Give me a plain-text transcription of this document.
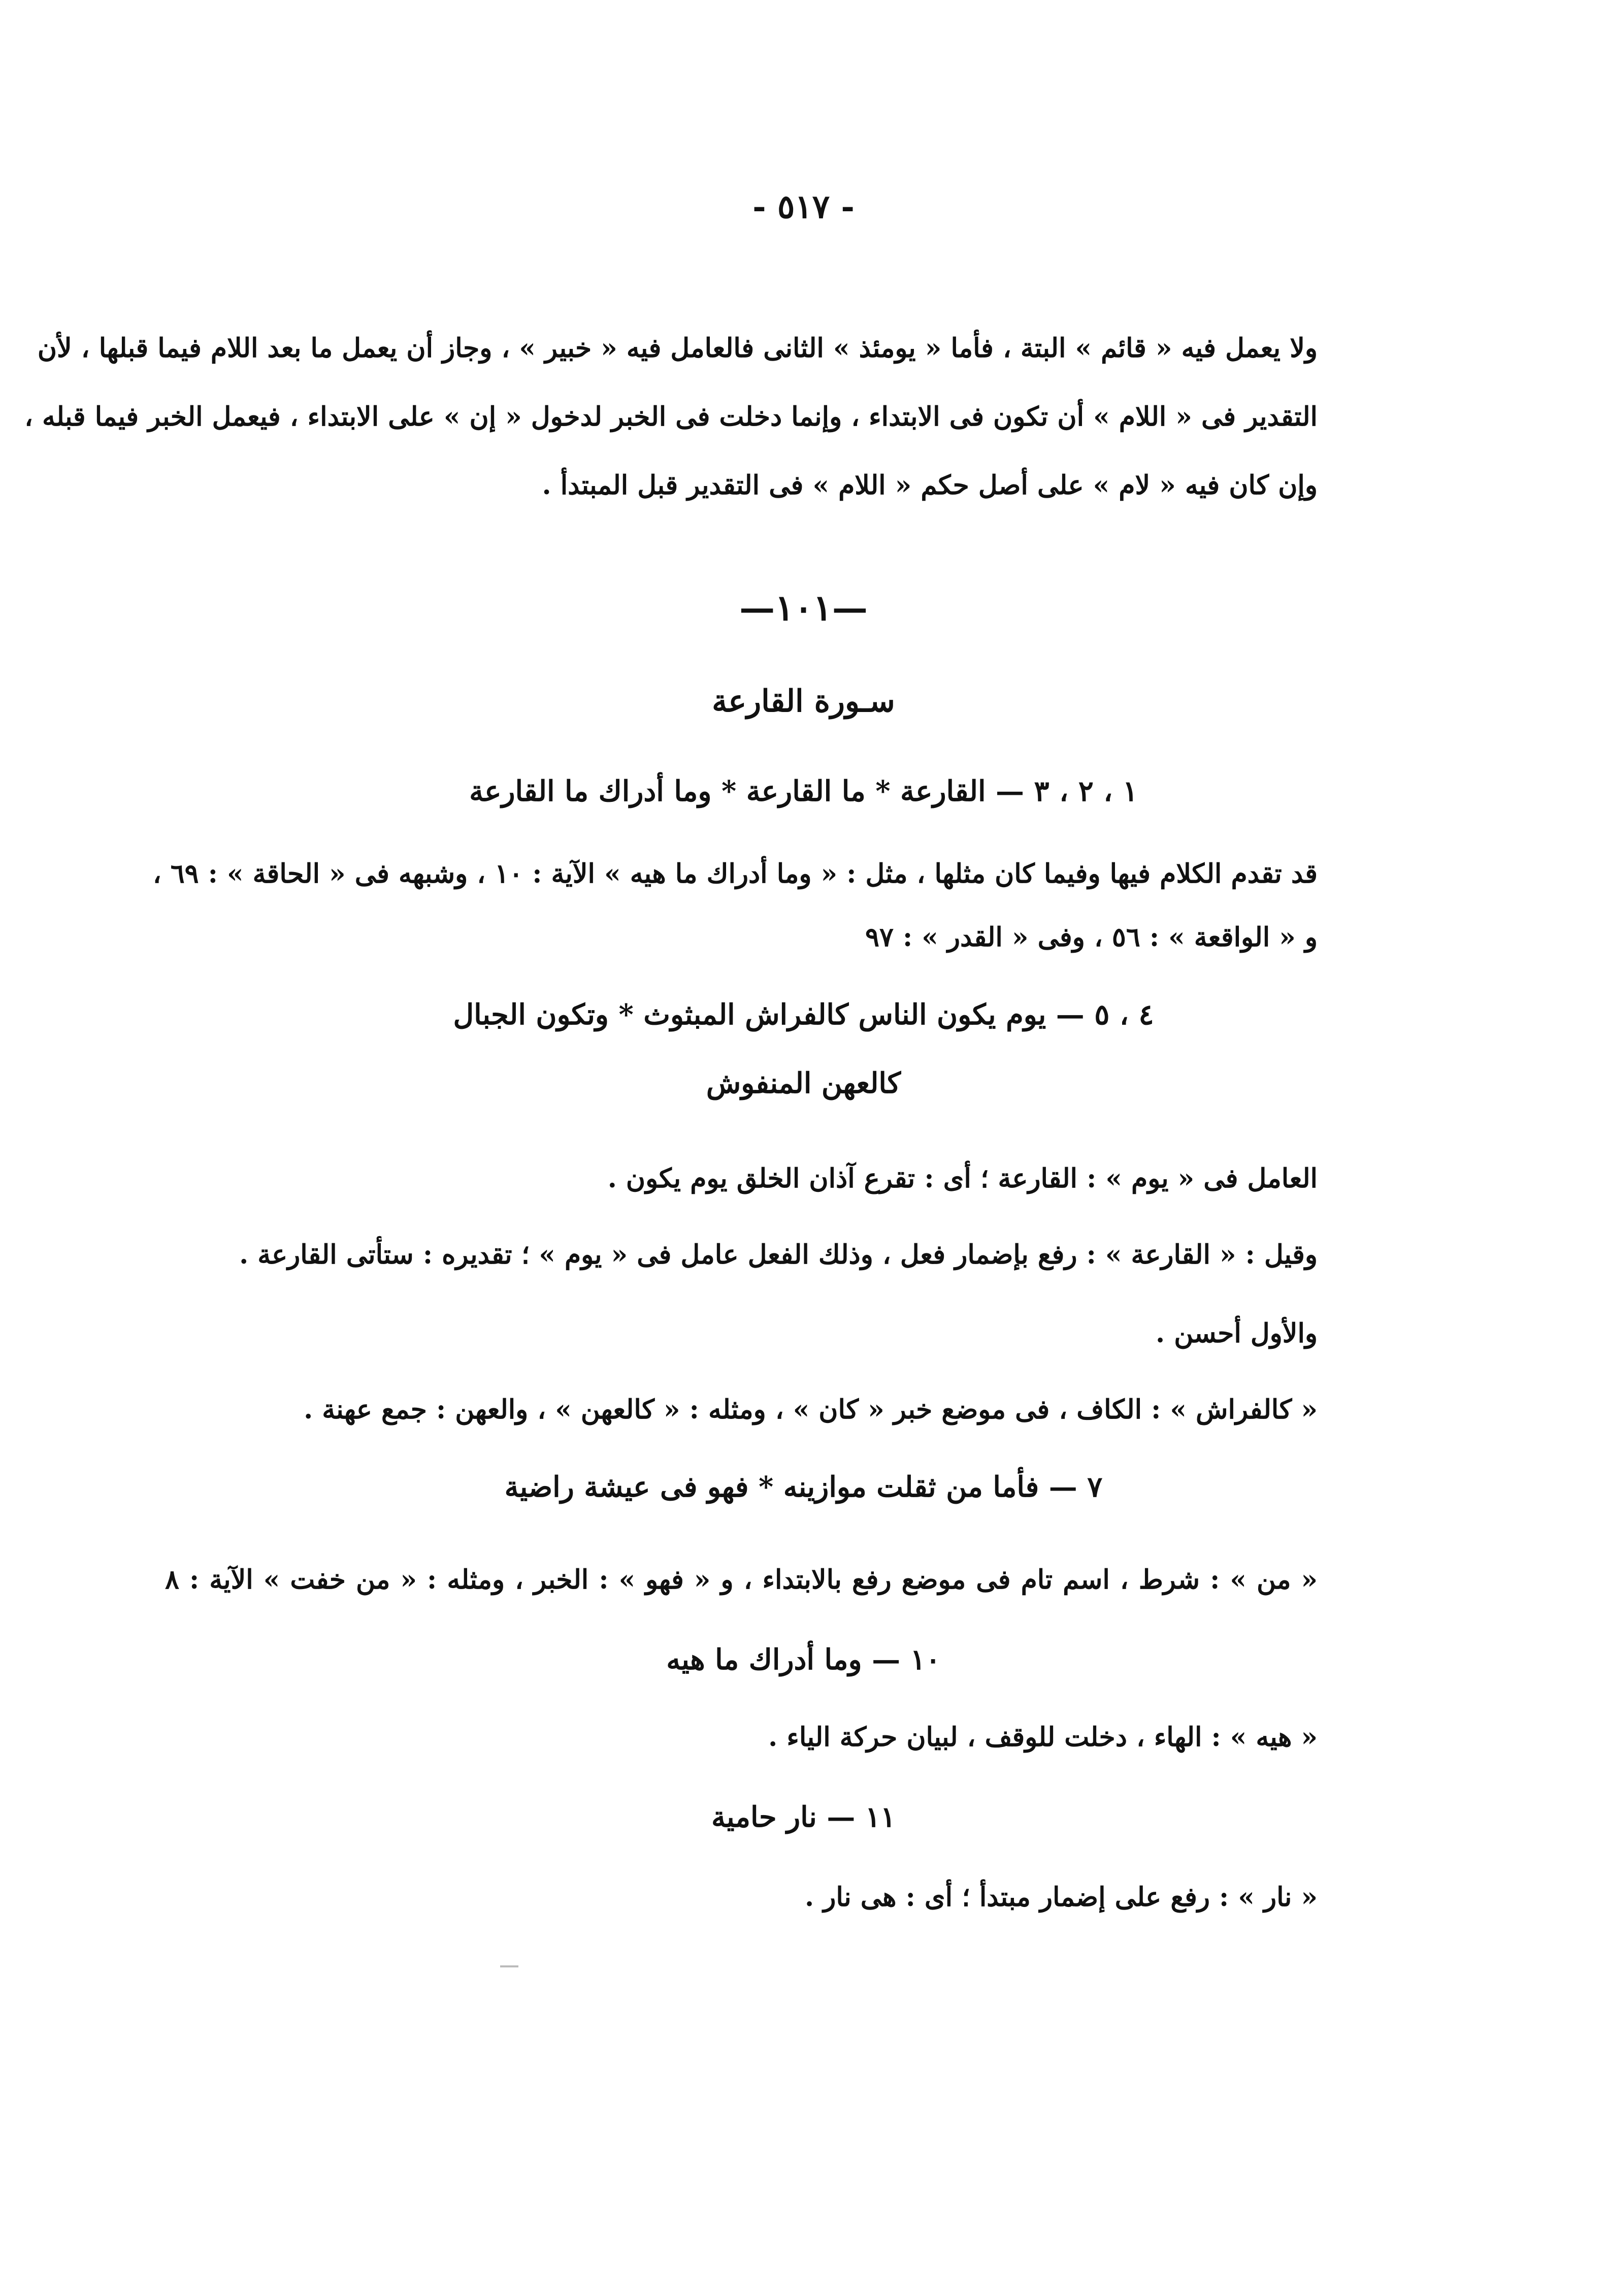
- ٥١٧ -
ولا يعمل فيه « قائم » البتة ، فأما « يومئذ » الثانى فالعامل فيه « خبير » ، وجاز أن يعمل ما بعد اللام فيما قبلها ، لأن
التقدير فى « اللام » أن تكون فى الابتداء ، وإنما دخلت فى الخبر لدخول « إن » على الابتداء ، فيعمل الخبر فيما قبله ،
وإن كان فيه « لام » على أصل حكم « اللام » فى التقدير قبل المبتدأ .
—١٠١—
سـورة القارعة
١ ، ٢ ، ٣ — القارعة * ما القارعة * وما أدراك ما القارعة
قد تقدم الكلام فيها وفيما كان مثلها ، مثل : « وما أدراك ما هيه » الآية : ١٠ ، وشبهه فى « الحاقة » : ٦٩ ،
و « الواقعة » : ٥٦ ، وفى « القدر » : ٩٧
٤ ، ٥ — يوم يكون الناس كالفراش المبثوث * وتكون الجبال
كالعهن المنفوش
العامل فى « يوم » : القارعة ؛ أى : تقرع آذان الخلق يوم يكون .
وقيل : « القارعة » : رفع بإضمار فعل ، وذلك الفعل عامل فى « يوم » ؛ تقديره : ستأتى القارعة .
والأول أحسن .
« كالفراش » : الكاف ، فى موضع خبر « كان » ، ومثله : « كالعهن » ، والعهن : جمع عهنة .
٧ — فأما من ثقلت موازينه * فهو فى عيشة راضية
« من » : شرط ، اسم تام فى موضع رفع بالابتداء ، و « فهو » : الخبر ، ومثله : « من خفت » الآية : ٨
١٠ — وما أدراك ما هيه
« هيه » : الهاء ، دخلت للوقف ، لبيان حركة الياء .
١١ — نار حامية
« نار » : رفع على إضمار مبتدأ ؛ أى : هى نار .
